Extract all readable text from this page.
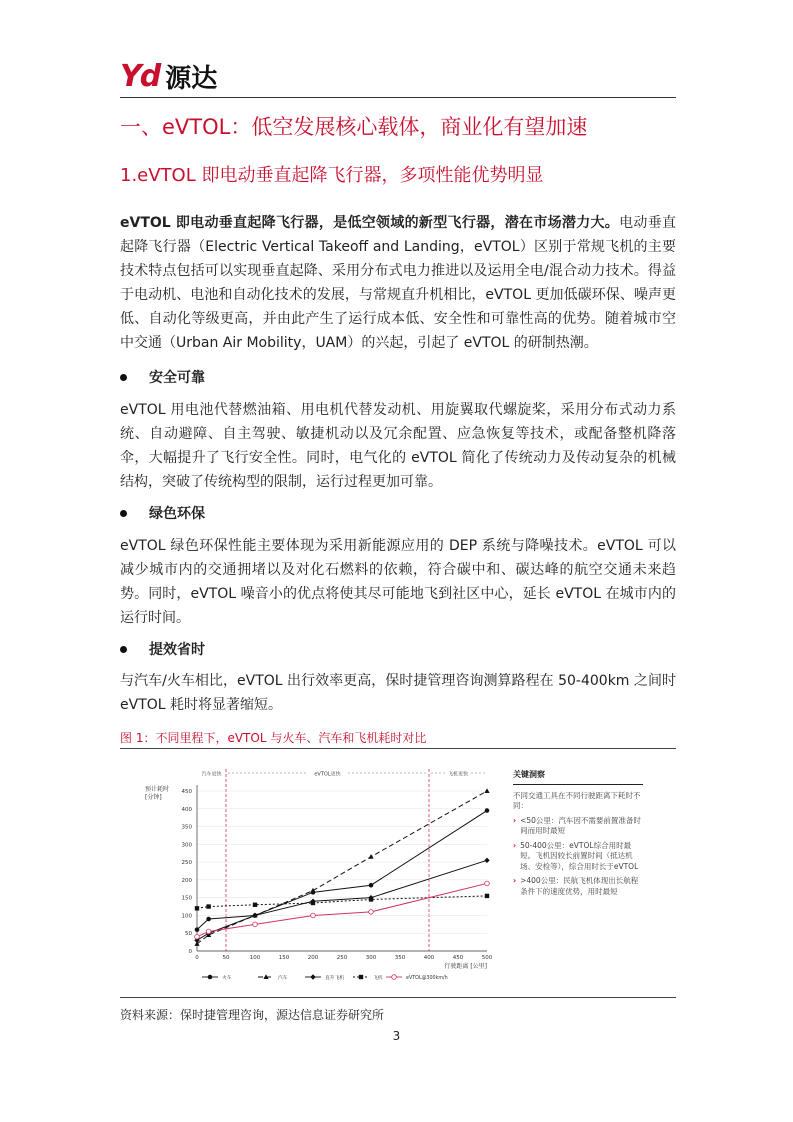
Yd 源达
一、eVTOL：低空发展核心载体，商业化有望加速
1.eVTOL 即电动垂直起降飞行器，多项性能优势明显

eVTOL 即电动垂直起降飞行器，是低空领域的新型飞行器，潜在市场潜力大。电动垂直起降飞行器（Electric Vertical Takeoff and Landing，eVTOL）区别于常规飞机的主要技术特点包括可以实现垂直起降、采用分布式电力推进以及运用全电/混合动力技术。得益于电动机、电池和自动化技术的发展，与常规直升机相比，eVTOL 更加低碳环保、噪声更低、自动化等级更高，并由此产生了运行成本低、安全性和可靠性高的优势。随着城市空中交通（Urban Air Mobility，UAM）的兴起，引起了 eVTOL 的研制热潮。

安全可靠

eVTOL 用电池代替燃油箱、用电机代替发动机、用旋翼取代螺旋桨，采用分布式动力系统、自动避障、自主驾驶、敏捷机动以及冗余配置、应急恢复等技术，或配备整机降落伞，大幅提升了飞行安全性。同时，电气化的 eVTOL 简化了传统动力及传动复杂的机械结构，突破了传统构型的限制，运行过程更加可靠。

绿色环保

eVTOL 绿色环保性能主要体现为采用新能源应用的 DEP 系统与降噪技术。eVTOL 可以减少城市内的交通拥堵以及对化石燃料的依赖，符合碳中和、碳达峰的航空交通未来趋势。同时，eVTOL 噪音小的优点将使其尽可能地飞到社区中心，延长 eVTOL 在城市内的运行时间。

提效省时

与汽车/火车相比，eVTOL 出行效率更高，保时捷管理咨询测算路程在 50-400km 之间时 eVTOL 耗时将显著缩短。

图 1：不同里程下，eVTOL 与火车、汽车和飞机耗时对比
汽车更快	eVTOL更快	飞机更快
0
50
100
150
200
250
300
350
400
450
0	50	100	150	200	250	300	350	400	450	500
预计耗时
[分钟]
行驶距离 [公里]
火车	汽车	直升飞机	飞机	eVTOL@300km/h
关键洞察
不同交通工具在不同行驶距离下耗时不同：
› <50公里：汽车因不需要前置准备时间而用时最短
› 50-400公里：eVTOL综合用时最短。飞机因较长前置时间（抵达机场、安检等），综合用时长于eVTOL
› >400公里：民航飞机体现出长航程条件下的速度优势，用时最短
资料来源：保时捷管理咨询，源达信息证券研究所
3
